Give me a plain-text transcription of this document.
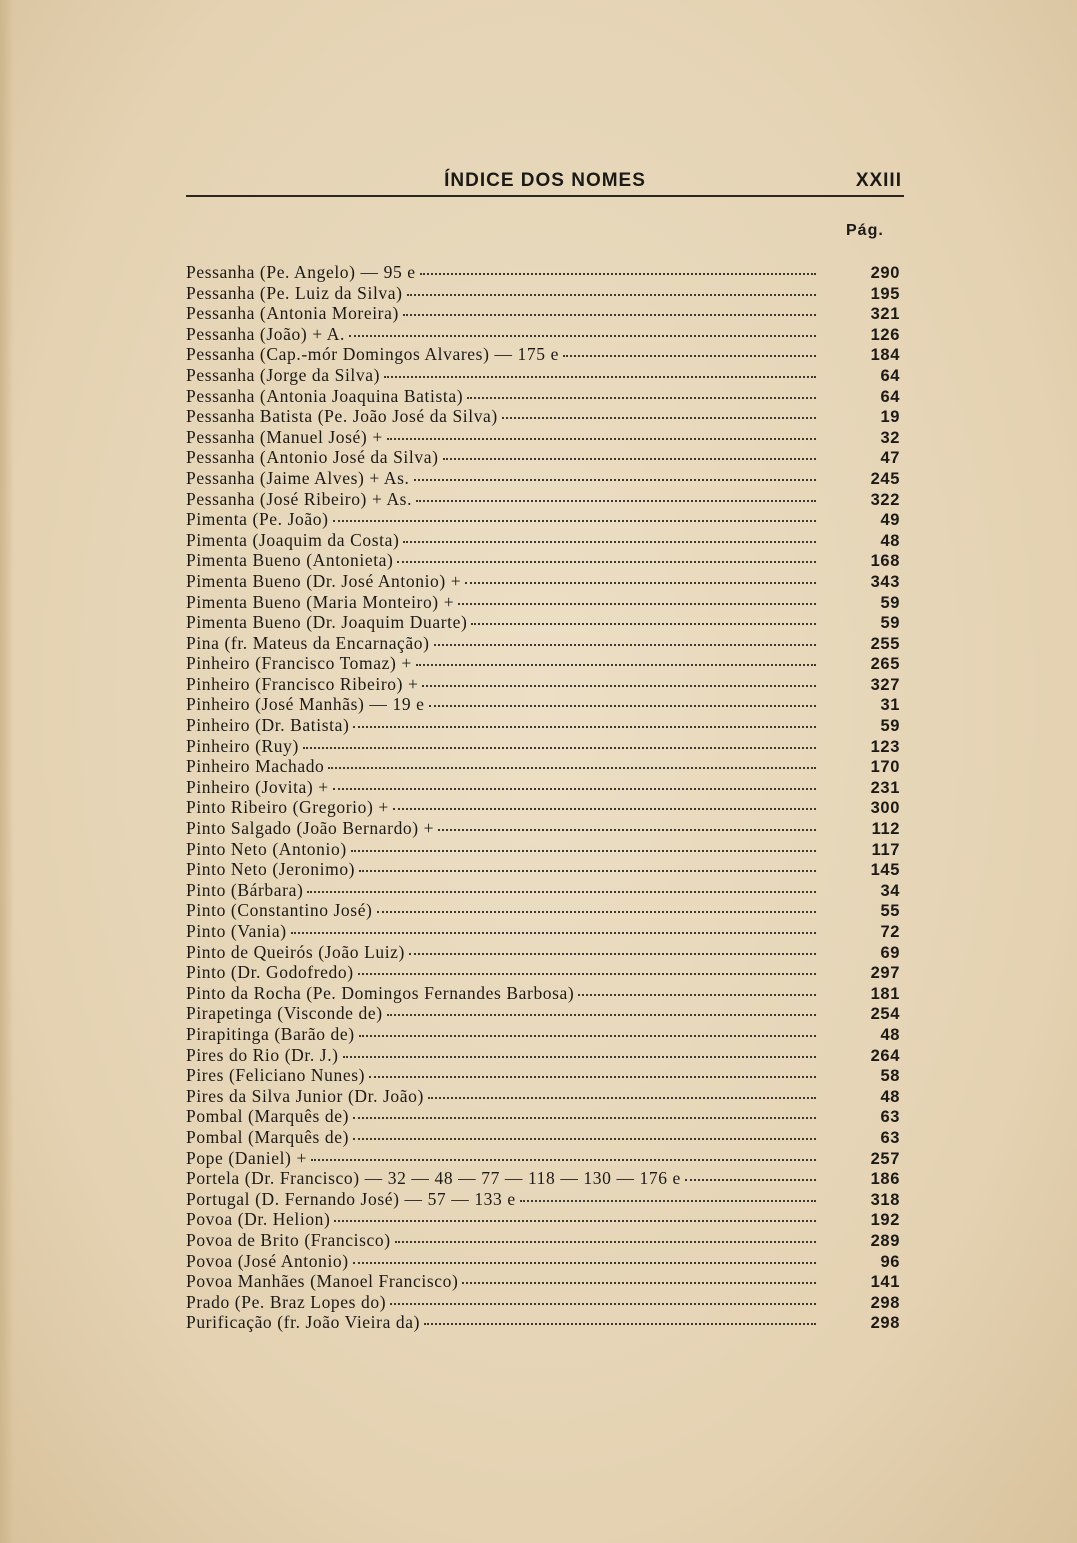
ÍNDICE DOS NOMES	XXIII
Pág.
Pessanha (Pe. Angelo) — 95 e	290
Pessanha (Pe. Luiz da Silva)	195
Pessanha (Antonia Moreira)	321
Pessanha (João) + A.	126
Pessanha (Cap.-mór Domingos Alvares) — 175 e	184
Pessanha (Jorge da Silva)	64
Pessanha (Antonia Joaquina Batista)	64
Pessanha Batista (Pe. João José da Silva)	19
Pessanha (Manuel José) +	32
Pessanha (Antonio José da Silva)	47
Pessanha (Jaime Alves) + As.	245
Pessanha (José Ribeiro) + As.	322
Pimenta (Pe. João)	49
Pimenta (Joaquim da Costa)	48
Pimenta Bueno (Antonieta)	168
Pimenta Bueno (Dr. José Antonio) +	343
Pimenta Bueno (Maria Monteiro) +	59
Pimenta Bueno (Dr. Joaquim Duarte)	59
Pina (fr. Mateus da Encarnação)	255
Pinheiro (Francisco Tomaz) +	265
Pinheiro (Francisco Ribeiro) +	327
Pinheiro (José Manhãs) — 19 e	31
Pinheiro (Dr. Batista)	59
Pinheiro (Ruy)	123
Pinheiro Machado	170
Pinheiro (Jovita) +	231
Pinto Ribeiro (Gregorio) +	300
Pinto Salgado (João Bernardo) +	112
Pinto Neto (Antonio)	117
Pinto Neto (Jeronimo)	145
Pinto (Bárbara)	34
Pinto (Constantino José)	55
Pinto (Vania)	72
Pinto de Queirós (João Luiz)	69
Pinto (Dr. Godofredo)	297
Pinto da Rocha (Pe. Domingos Fernandes Barbosa)	181
Pirapetinga (Visconde de)	254
Pirapitinga (Barão de)	48
Pires do Rio (Dr. J.)	264
Pires (Feliciano Nunes)	58
Pires da Silva Junior (Dr. João)	48
Pombal (Marquês de)	63
Pombal (Marquês de)	63
Pope (Daniel) +	257
Portela (Dr. Francisco) — 32 — 48 — 77 — 118 — 130 — 176 e	186
Portugal (D. Fernando José) — 57 — 133 e	318
Povoa (Dr. Helion)	192
Povoa de Brito (Francisco)	289
Povoa (José Antonio)	96
Povoa Manhães (Manoel Francisco)	141
Prado (Pe. Braz Lopes do)	298
Purificação (fr. João Vieira da)	298
